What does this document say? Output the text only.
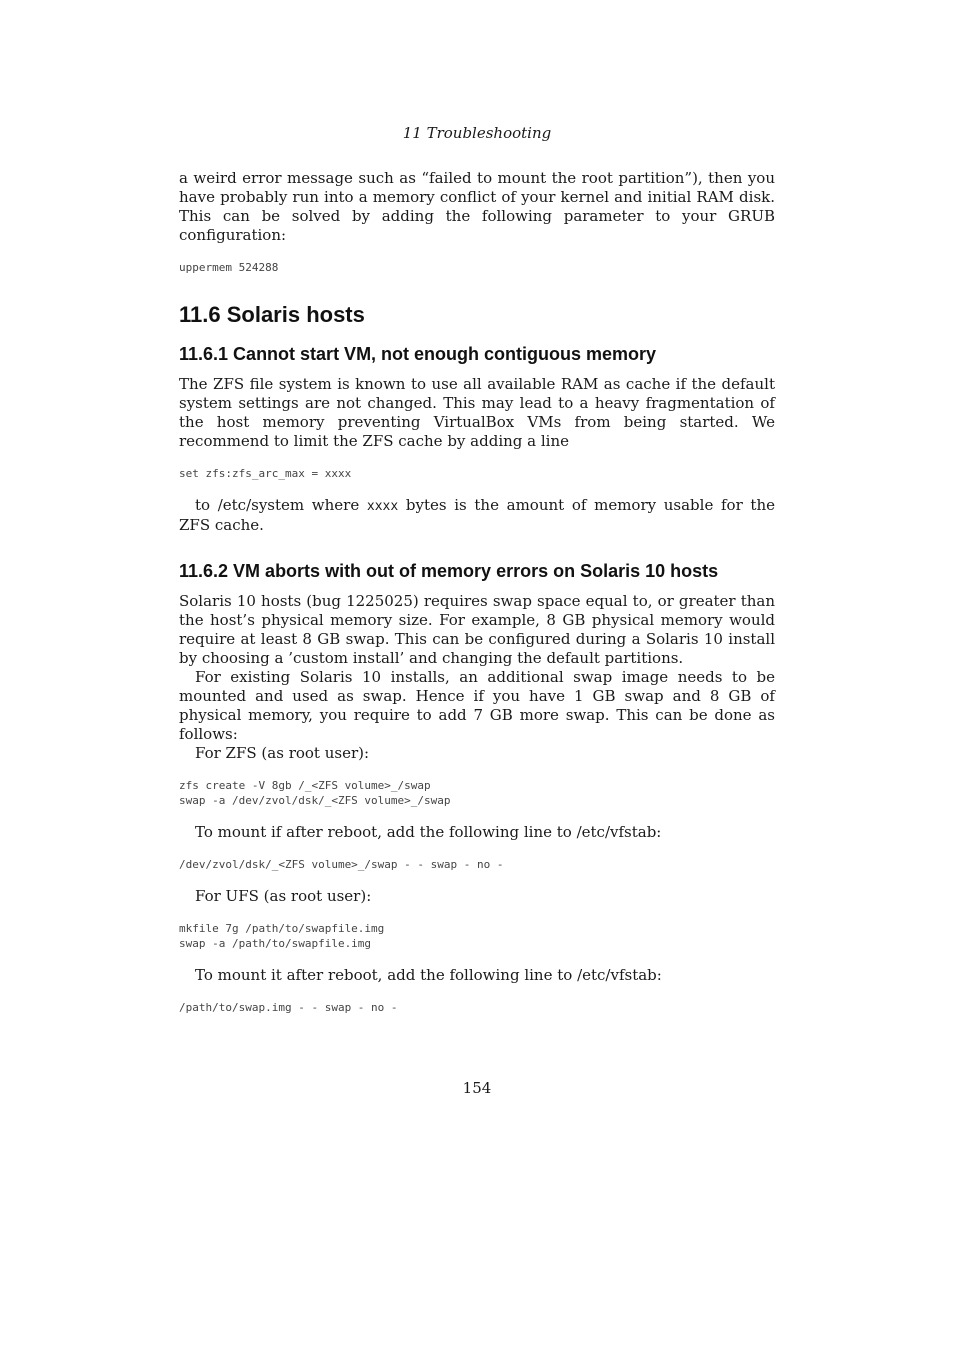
11 Troubleshooting

a weird error message such as “failed to mount the root partition”), then you have probably run into a memory conflict of your kernel and initial RAM disk. This can be solved by adding the following parameter to your GRUB configuration:

uppermem 524288
11.6 Solaris hosts
11.6.1 Cannot start VM, not enough contiguous memory

The ZFS file system is known to use all available RAM as cache if the default system settings are not changed. This may lead to a heavy fragmentation of the host memory preventing VirtualBox VMs from being started. We recommend to limit the ZFS cache by adding a line

set zfs:zfs_arc_max = xxxx

to /etc/system where xxxx bytes is the amount of memory usable for the ZFS cache.

11.6.2 VM aborts with out of memory errors on Solaris 10 hosts

Solaris 10 hosts (bug 1225025) requires swap space equal to, or greater than the host’s physical memory size. For example, 8 GB physical memory would require at least 8 GB swap. This can be configured during a Solaris 10 install by choosing a ’custom install’ and changing the default partitions.

For existing Solaris 10 installs, an additional swap image needs to be mounted and used as swap. Hence if you have 1 GB swap and 8 GB of physical memory, you require to add 7 GB more swap. This can be done as follows:

For ZFS (as root user):

zfs create -V 8gb /_<ZFS volume>_/swap
swap -a /dev/zvol/dsk/_<ZFS volume>_/swap

To mount if after reboot, add the following line to /etc/vfstab:

/dev/zvol/dsk/_<ZFS volume>_/swap - - swap - no -

For UFS (as root user):

mkfile 7g /path/to/swapfile.img
swap -a /path/to/swapfile.img

To mount it after reboot, add the following line to /etc/vfstab:

/path/to/swap.img - - swap - no -
154
